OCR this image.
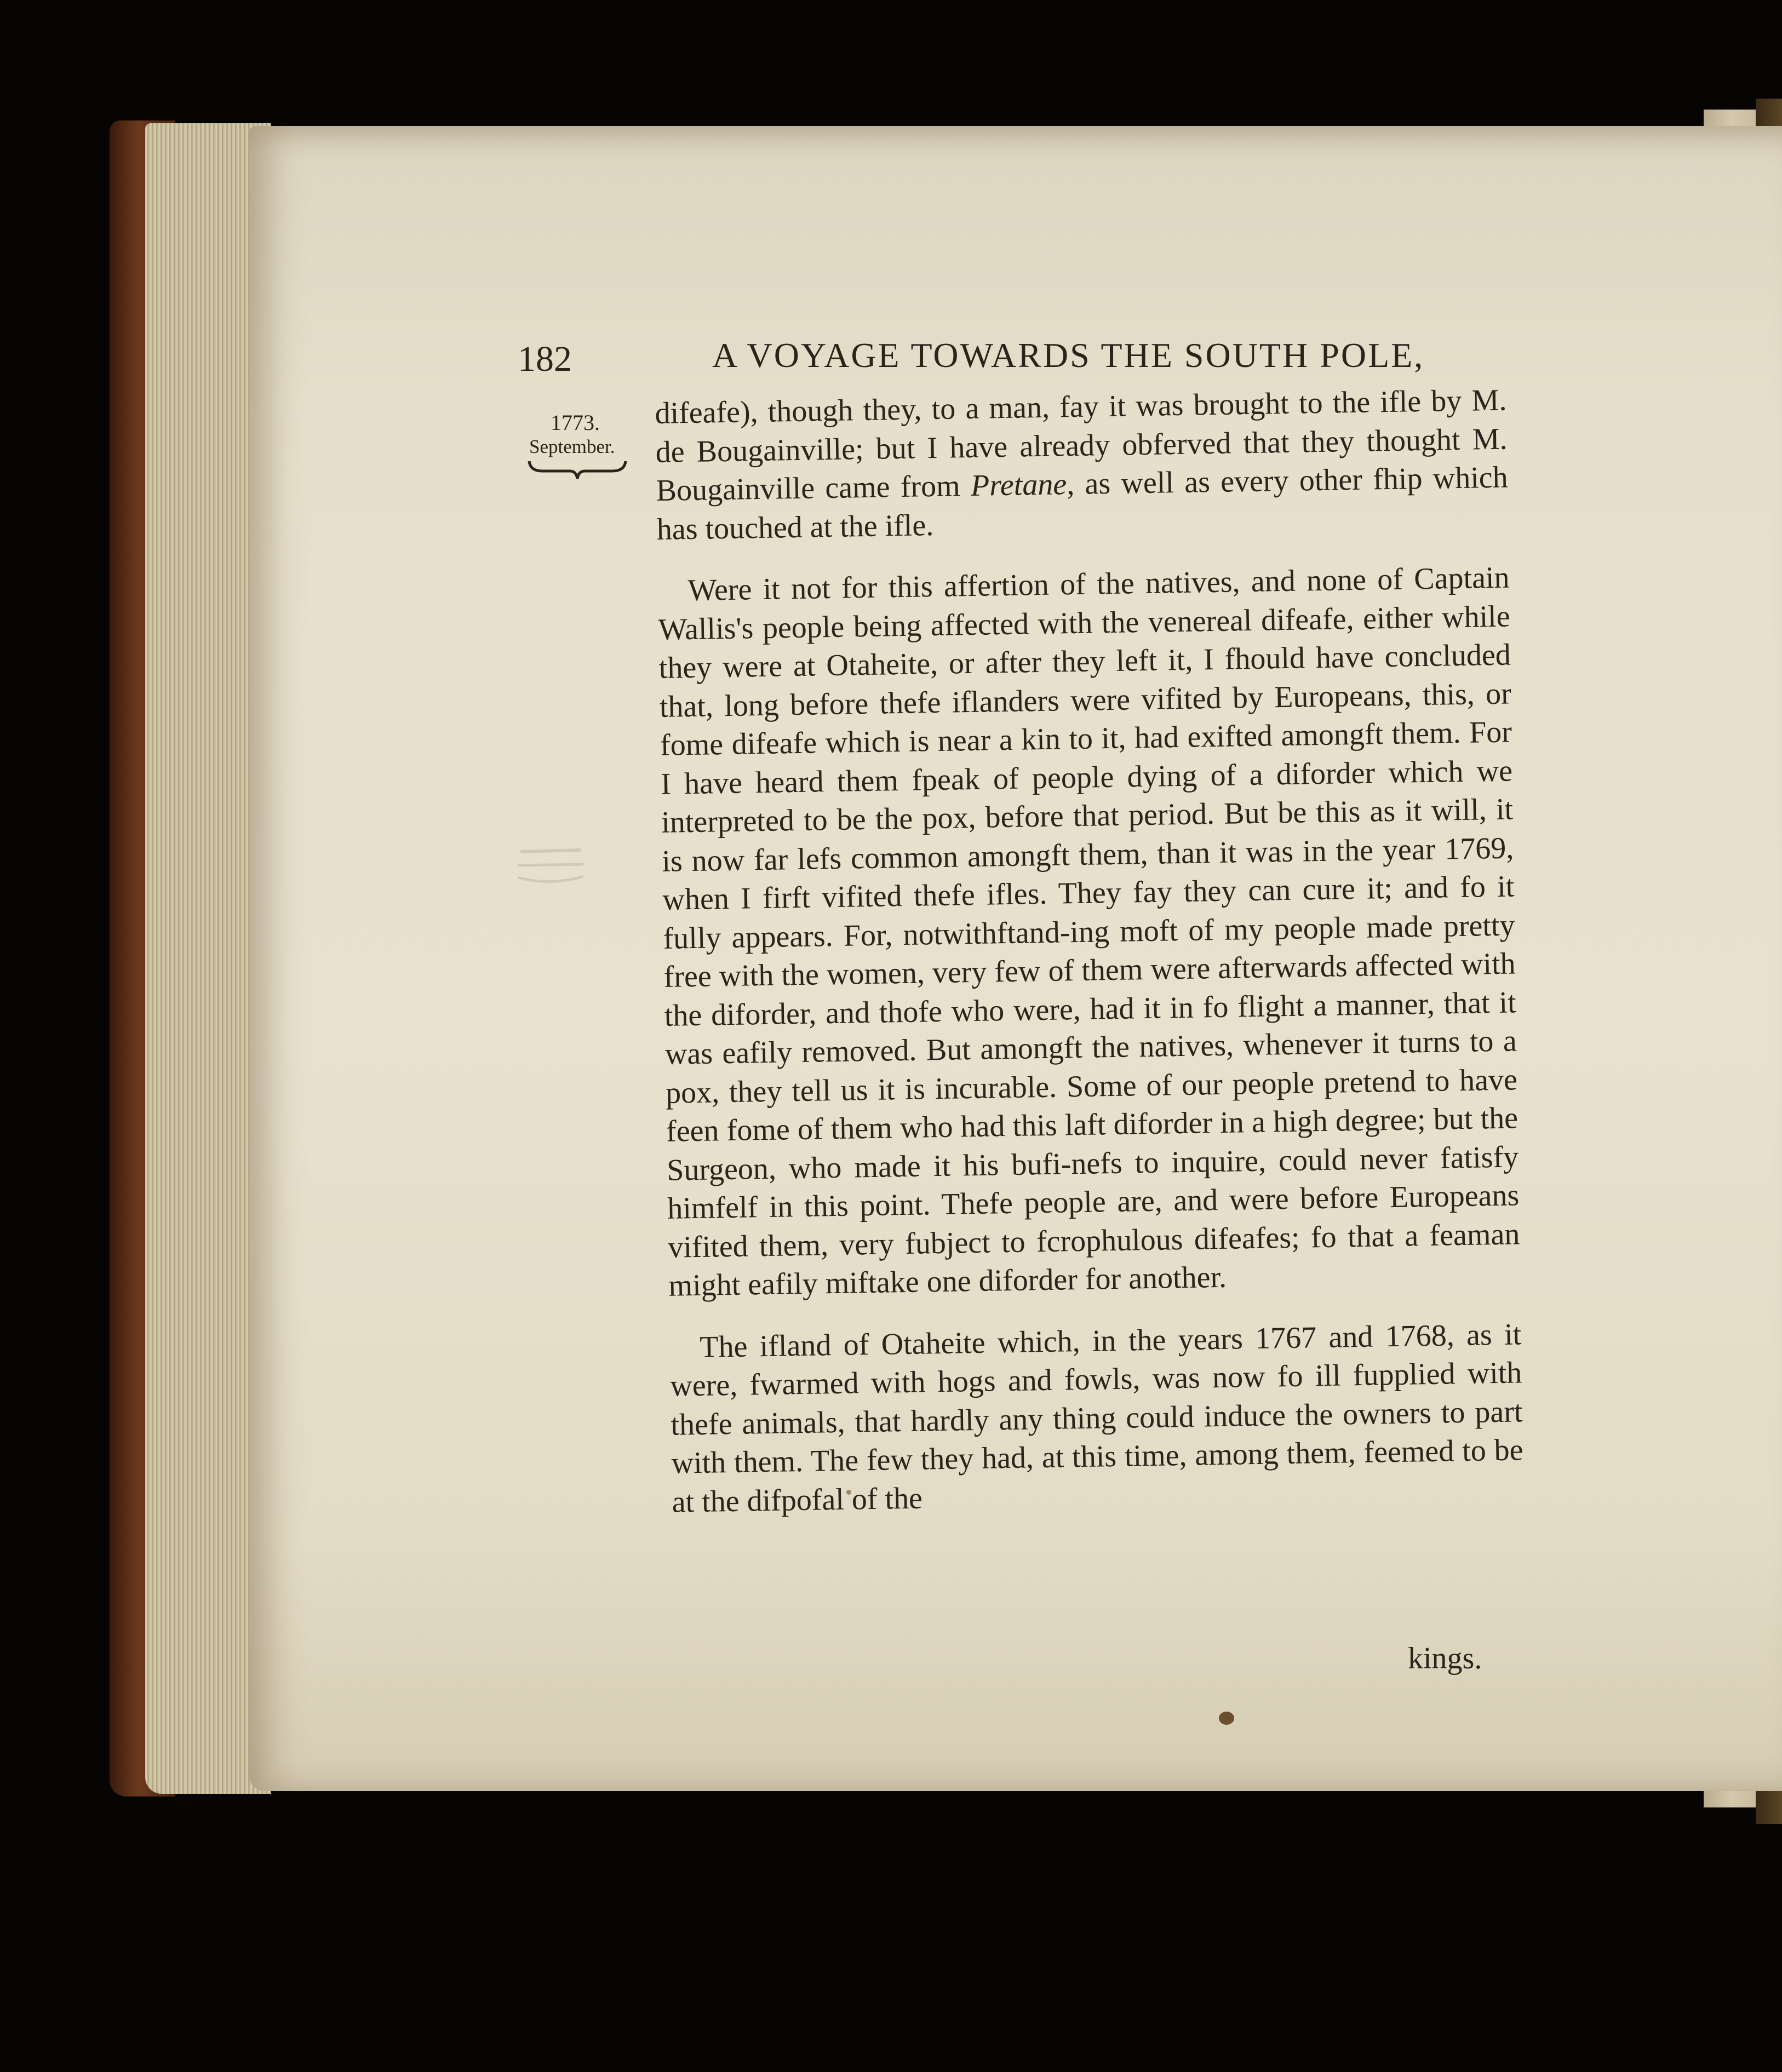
182	A VOYAGE TOWARDS THE SOUTH POLE,

1773.

September.

difeafe), though they, to a man, fay it was brought to the ifle by M. de Bougainville; but I have already obferved that they thought M. Bougainville came from Pretane, as well as every other fhip which has touched at the ifle.

Were it not for this affertion of the natives, and none of Captain Wallis's people being affected with the venereal difeafe, either while they were at Otaheite, or after they left it, I fhould have concluded that, long before thefe iflanders were vifited by Europeans, this, or fome difeafe which is near a kin to it, had exifted amongft them. For I have heard them fpeak of people dying of a diforder which we interpreted to be the pox, before that period. But be this as it will, it is now far lefs common amongft them, than it was in the year 1769, when I firft vifited thefe ifles. They fay they can cure it; and fo it fully appears. For, notwithftand-ing moft of my people made pretty free with the women, very few of them were afterwards affected with the diforder, and thofe who were, had it in fo flight a manner, that it was eafily removed. But amongft the natives, whenever it turns to a pox, they tell us it is incurable. Some of our people pretend to have feen fome of them who had this laft diforder in a high degree; but the Surgeon, who made it his bufi-nefs to inquire, could never fatisfy himfelf in this point. Thefe people are, and were before Europeans vifited them, very fubject to fcrophulous difeafes; fo that a feaman might eafily miftake one diforder for another.

The ifland of Otaheite which, in the years 1767 and 1768, as it were, fwarmed with hogs and fowls, was now fo ill fupplied with thefe animals, that hardly any thing could induce the owners to part with them. The few they had, at this time, among them, feemed to be at the difpofal of the

kings.
